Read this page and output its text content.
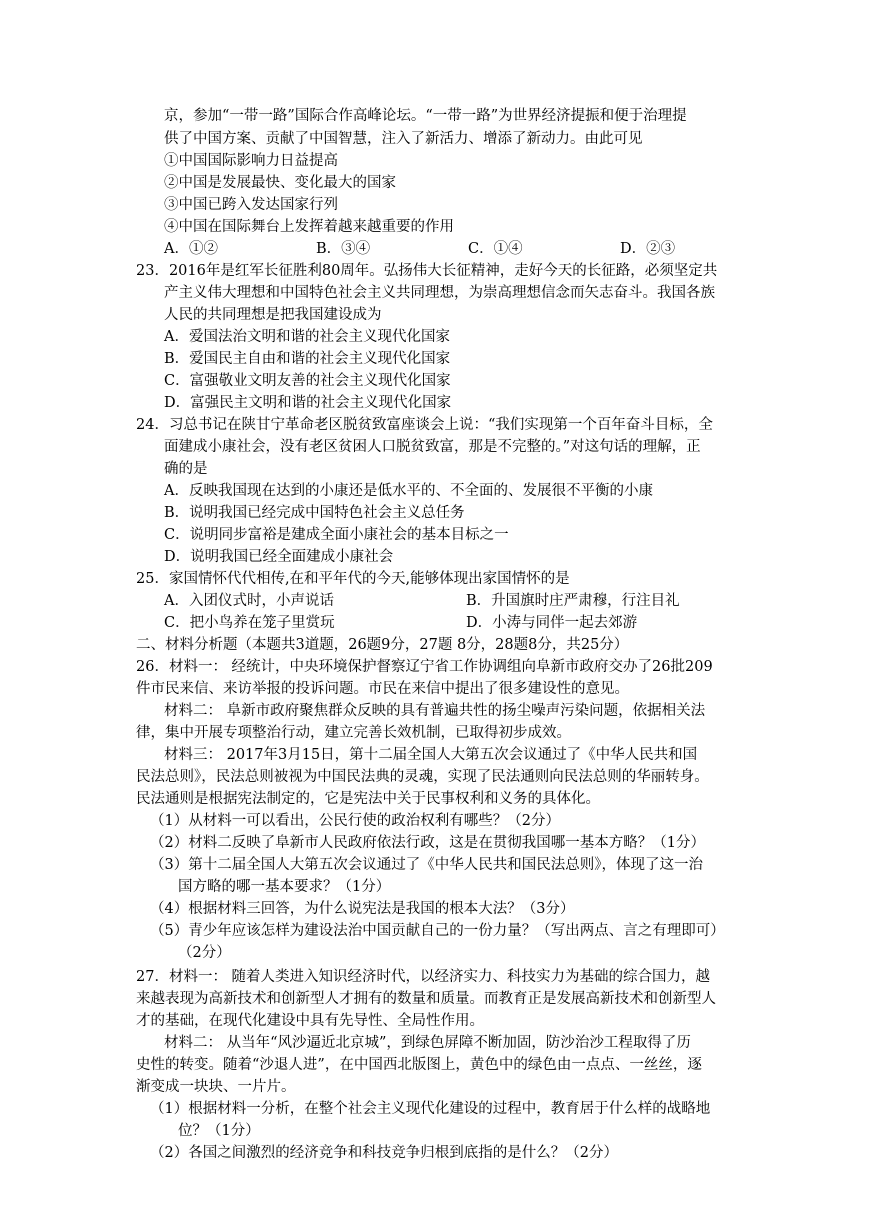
京，参加“一带一路”国际合作高峰论坛。“一带一路”为世界经济提振和便于治理提
供了中国方案、贡献了中国智慧，注入了新活力、增添了新动力。由此可见
①中国国际影响力日益提高
②中国是发展最快、变化最大的国家
③中国已跨入发达国家行列
④中国在国际舞台上发挥着越来越重要的作用
A．①②	B．③④	C．①④	D．②③
23．2016年是红军长征胜利80周年。弘扬伟大长征精神，走好今天的长征路，必须坚定共
产主义伟大理想和中国特色社会主义共同理想，为崇高理想信念而矢志奋斗。我国各族
人民的共同理想是把我国建设成为
A．爱国法治文明和谐的社会主义现代化国家
B．爱国民主自由和谐的社会主义现代化国家
C．富强敬业文明友善的社会主义现代化国家
D．富强民主文明和谐的社会主义现代化国家
24．习总书记在陕甘宁革命老区脱贫致富座谈会上说：“我们实现第一个百年奋斗目标，全
面建成小康社会，没有老区贫困人口脱贫致富，那是不完整的。”对这句话的理解，正
确的是
A．反映我国现在达到的小康还是低水平的、不全面的、发展很不平衡的小康
B．说明我国已经完成中国特色社会主义总任务
C．说明同步富裕是建成全面小康社会的基本目标之一
D．说明我国已经全面建成小康社会
25．家国情怀代代相传,在和平年代的今天,能够体现出家国情怀的是
A．入团仪式时，小声说话	B．升国旗时庄严肃穆，行注目礼
C．把小鸟养在笼子里赏玩	D．小涛与同伴一起去郊游
二、材料分析题（本题共3道题，26题9分，27题 8分，28题8分，共25分）
26．材料一： 经统计，中央环境保护督察辽宁省工作协调组向阜新市政府交办了26批209
件市民来信、来访举报的投诉问题。市民在来信中提出了很多建设性的意见。
材料二： 阜新市政府聚焦群众反映的具有普遍共性的扬尘噪声污染问题，依据相关法
律，集中开展专项整治行动，建立完善长效机制，已取得初步成效。
材料三： 2017年3月15日，第十二届全国人大第五次会议通过了《中华人民共和国
民法总则》，民法总则被视为中国民法典的灵魂，实现了民法通则向民法总则的华丽转身。
民法通则是根据宪法制定的，它是宪法中关于民事权利和义务的具体化。
（1）从材料一可以看出，公民行使的政治权利有哪些？（2分）
（2）材料二反映了阜新市人民政府依法行政，这是在贯彻我国哪一基本方略？（1分）
（3）第十二届全国人大第五次会议通过了《中华人民共和国民法总则》，体现了这一治
国方略的哪一基本要求？（1分）
（4）根据材料三回答，为什么说宪法是我国的根本大法？（3分）
（5）青少年应该怎样为建设法治中国贡献自己的一份力量？（写出两点、言之有理即可）
（2分）
27．材料一： 随着人类进入知识经济时代，以经济实力、科技实力为基础的综合国力，越
来越表现为高新技术和创新型人才拥有的数量和质量。而教育正是发展高新技术和创新型人
才的基础，在现代化建设中具有先导性、全局性作用。
材料二： 从当年“风沙逼近北京城”，到绿色屏障不断加固，防沙治沙工程取得了历
史性的转变。随着“沙退人进”，在中国西北版图上，黄色中的绿色由一点点、一丝丝，逐
渐变成一块块、一片片。
（1）根据材料一分析，在整个社会主义现代化建设的过程中，教育居于什么样的战略地
位？（1分）
（2）各国之间激烈的经济竞争和科技竞争归根到底指的是什么？（2分）
